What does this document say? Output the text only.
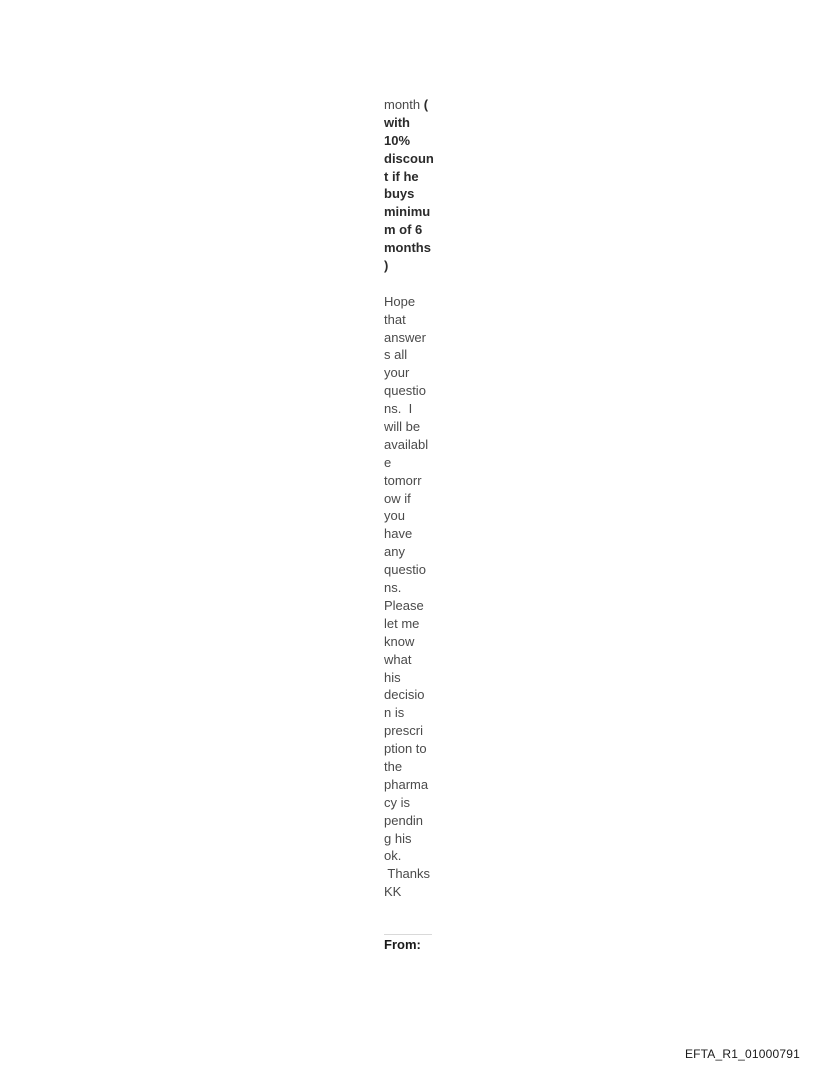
month (
with
10%
discoun
t if he
buys
minimu
m of 6
months
)
Hope
that
answer
s all
your
questio
ns.  I
will be
availabl
e
tomorr
ow if
you
have
any
questio
ns.
Please
let me
know
what
his
decisio
n is
prescri
ption to
the
pharma
cy is
pendin
g his
ok.
Thanks
KK
From:
EFTA_R1_01000791
